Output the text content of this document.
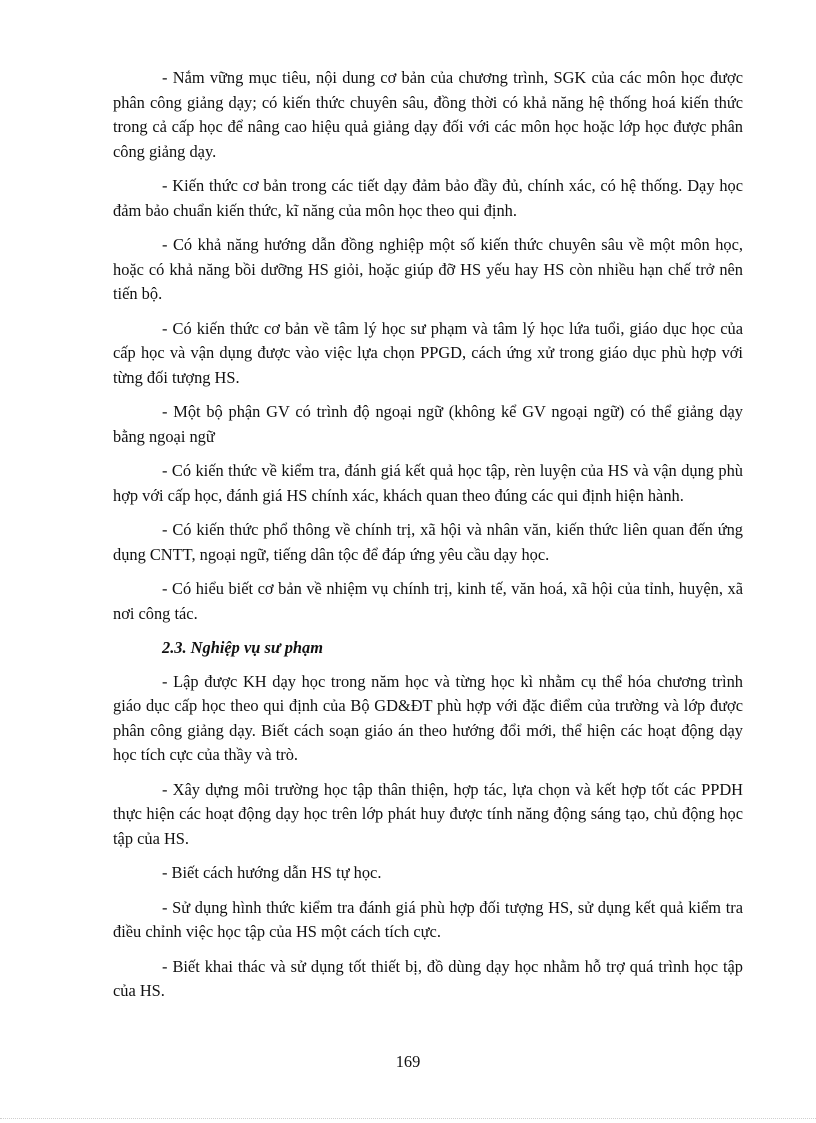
- Nắm vững mục tiêu, nội dung cơ bản của chương trình, SGK của các môn học được phân công giảng dạy; có kiến thức chuyên sâu, đồng thời có khả năng hệ thống hoá kiến thức trong cả cấp học để nâng cao hiệu quả giảng dạy đối với các môn học hoặc lớp học được phân công giảng dạy.

- Kiến thức cơ bản trong các tiết dạy đảm bảo đầy đủ, chính xác, có hệ thống. Dạy học đảm bảo chuẩn kiến thức, kĩ năng của môn học theo qui định.

- Có khả năng hướng dẫn đồng nghiệp một số kiến thức chuyên sâu về một môn học, hoặc có khả năng bồi dưỡng HS giỏi, hoặc giúp đỡ HS yếu hay HS còn nhiều hạn chế trở nên tiến bộ.

- Có kiến thức cơ bản về tâm lý học sư phạm và tâm lý học lứa tuổi, giáo dục học của cấp học và vận dụng được vào việc lựa chọn PPGD, cách ứng xử trong giáo dục phù hợp với từng đối tượng HS.

- Một bộ phận GV có trình độ ngoại ngữ (không kể GV ngoại ngữ) có thể giảng dạy bằng ngoại ngữ

- Có kiến thức về kiểm tra, đánh giá kết quả học tập, rèn luyện của HS và vận dụng phù hợp với cấp học, đánh giá HS chính xác, khách quan theo đúng các qui định hiện hành.

- Có kiến thức phổ thông về chính trị, xã hội và nhân văn, kiến thức liên quan đến ứng dụng CNTT, ngoại ngữ, tiếng dân tộc để đáp ứng yêu cầu dạy học.

- Có hiểu biết cơ bản về nhiệm vụ chính trị, kinh tế, văn hoá, xã hội của tỉnh, huyện, xã nơi công tác.

2.3. Nghiệp vụ sư phạm

- Lập được KH dạy học trong năm học và từng học kì nhằm cụ thể hóa chương trình giáo dục cấp học theo qui định của Bộ GD&ĐT phù hợp với đặc điểm của trường và lớp được phân công giảng dạy. Biết cách soạn giáo án theo hướng đổi mới, thể hiện các hoạt động dạy học tích cực của thầy và trò.

- Xây dựng môi trường học tập thân thiện, hợp tác, lựa chọn và kết hợp tốt các PPDH thực hiện các hoạt động dạy học trên lớp phát huy được tính năng động sáng tạo, chủ động học tập của HS.

- Biết cách hướng dẫn HS tự học.

- Sử dụng hình thức kiểm tra đánh giá phù hợp đối tượng HS, sử dụng kết quả kiểm tra điều chỉnh việc học tập của HS một cách tích cực.

- Biết khai thác và sử dụng tốt thiết bị, đồ dùng dạy học nhằm hỗ trợ quá trình học tập của HS.

169
